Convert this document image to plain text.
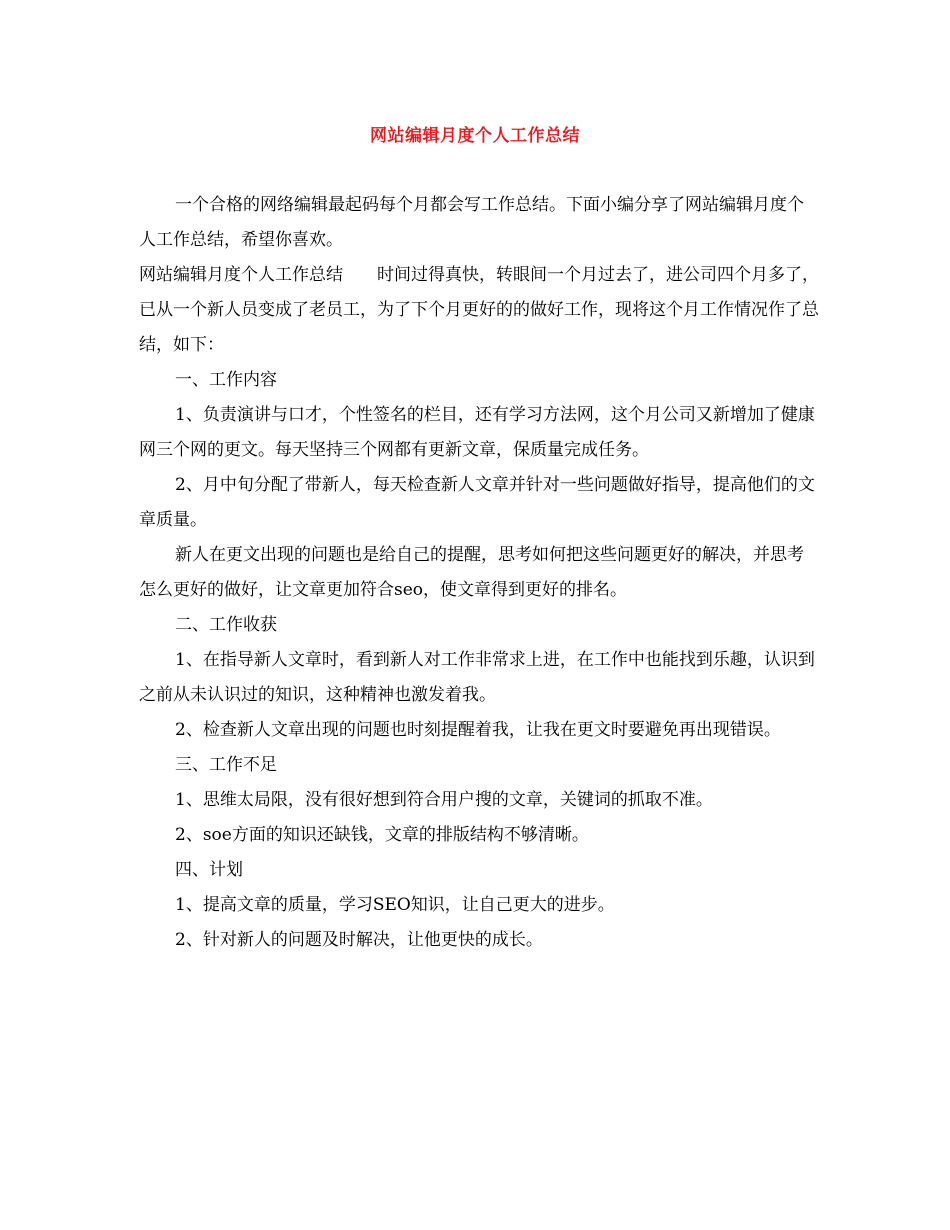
网站编辑月度个人工作总结

一个合格的网络编辑最起码每个月都会写工作总结。下面小编分享了网站编辑月度个人工作总结，希望你喜欢。

网站编辑月度个人工作总结 时间过得真快，转眼间一个月过去了，进公司四个月多了，已从一个新人员变成了老员工，为了下个月更好的的做好工作，现将这个月工作情况作了总结，如下：

一、工作内容

1、负责演讲与口才，个性签名的栏目，还有学习方法网，这个月公司又新增加了健康网三个网的更文。每天坚持三个网都有更新文章，保质量完成任务。

2、月中旬分配了带新人，每天检查新人文章并针对一些问题做好指导，提高他们的文章质量。

新人在更文出现的问题也是给自己的提醒，思考如何把这些问题更好的解决，并思考怎么更好的做好，让文章更加符合seo，使文章得到更好的排名。

二、工作收获

1、在指导新人文章时，看到新人对工作非常求上进，在工作中也能找到乐趣，认识到之前从未认识过的知识，这种精神也激发着我。

2、检查新人文章出现的问题也时刻提醒着我，让我在更文时要避免再出现错误。

三、工作不足

1、思维太局限，没有很好想到符合用户搜的文章，关键词的抓取不准。

2、soe方面的知识还缺钱，文章的排版结构不够清晰。

四、计划

1、提高文章的质量，学习SEO知识，让自己更大的进步。

2、针对新人的问题及时解决，让他更快的成长。
